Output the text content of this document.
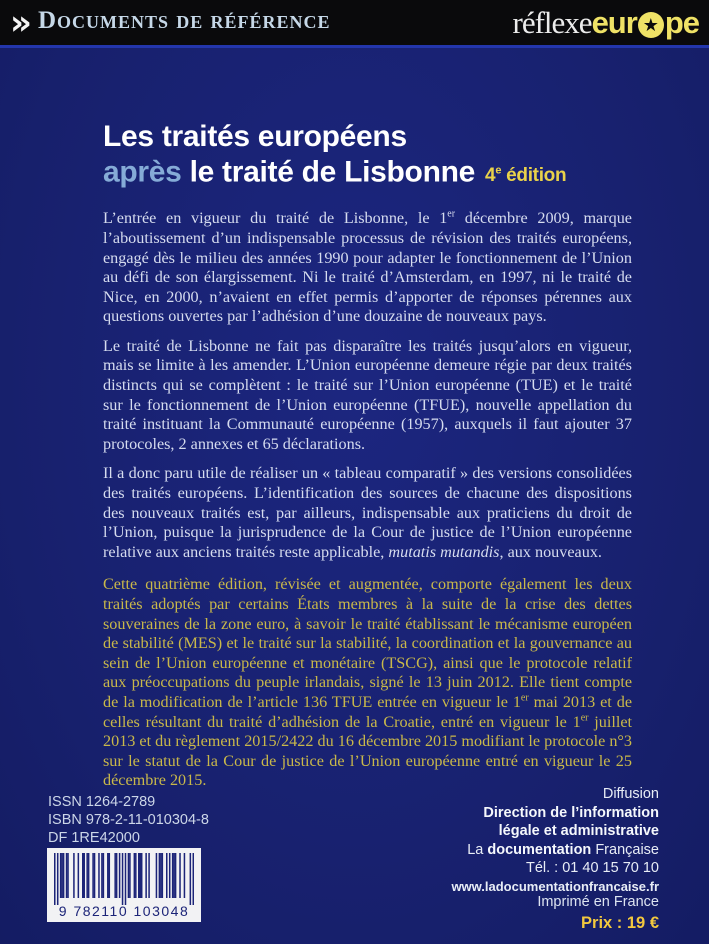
» Documents de référence	réflexe eur ★ pe
Les traités européens
après le traité de Lisbonne 4e édition

L’entrée en vigueur du traité de Lisbonne, le 1er décembre 2009, marque l’aboutissement d’un indispensable processus de révision des traités européens, engagé dès le milieu des années 1990 pour adapter le fonctionnement de l’Union au défi de son élargissement. Ni le traité d’Amsterdam, en 1997, ni le traité de Nice, en 2000, n’avaient en effet permis d’apporter de réponses pérennes aux questions ouvertes par l’adhésion d’une douzaine de nouveaux pays.

Le traité de Lisbonne ne fait pas disparaître les traités jusqu’alors en vigueur, mais se limite à les amender. L’Union européenne demeure régie par deux traités distincts qui se complètent : le traité sur l’Union européenne (TUE) et le traité sur le fonctionnement de l’Union européenne (TFUE), nouvelle appellation du traité instituant la Communauté européenne (1957), auxquels il faut ajouter 37 protocoles, 2 annexes et 65 déclarations.

Il a donc paru utile de réaliser un « tableau comparatif » des versions consolidées des traités européens. L’identification des sources de chacune des dispositions des nouveaux traités est, par ailleurs, indispensable aux praticiens du droit de l’Union, puisque la jurisprudence de la Cour de justice de l’Union européenne relative aux anciens traités reste applicable, mutatis mutandis, aux nouveaux.

Cette quatrième édition, révisée et augmentée, comporte également les deux traités adoptés par certains États membres à la suite de la crise des dettes souveraines de la zone euro, à savoir le traité établissant le mécanisme européen de stabilité (MES) et le traité sur la stabilité, la coordination et la gouvernance au sein de l’Union européenne et monétaire (TSCG), ainsi que le protocole relatif aux préoccupations du peuple irlandais, signé le 13 juin 2012. Elle tient compte de la modification de l’article 136 TFUE entrée en vigueur le 1er mai 2013 et de celles résultant du traité d’adhésion de la Croatie, entré en vigueur le 1er juillet 2013 et du règlement 2015/2422 du 16 décembre 2015 modifiant le protocole n°3 sur le statut de la Cour de justice de l’Union européenne entré en vigueur le 25 décembre 2015.

ISSN 1264-2789
ISBN 978-2-11-010304-8
DF 1RE42000
9 782110 103048
Diffusion
Direction de l’information
légale et administrative
La documentation Française
Tél. : 01 40 15 70 10
www.ladocumentationfrancaise.fr
Imprimé en France
Prix : 19 €
